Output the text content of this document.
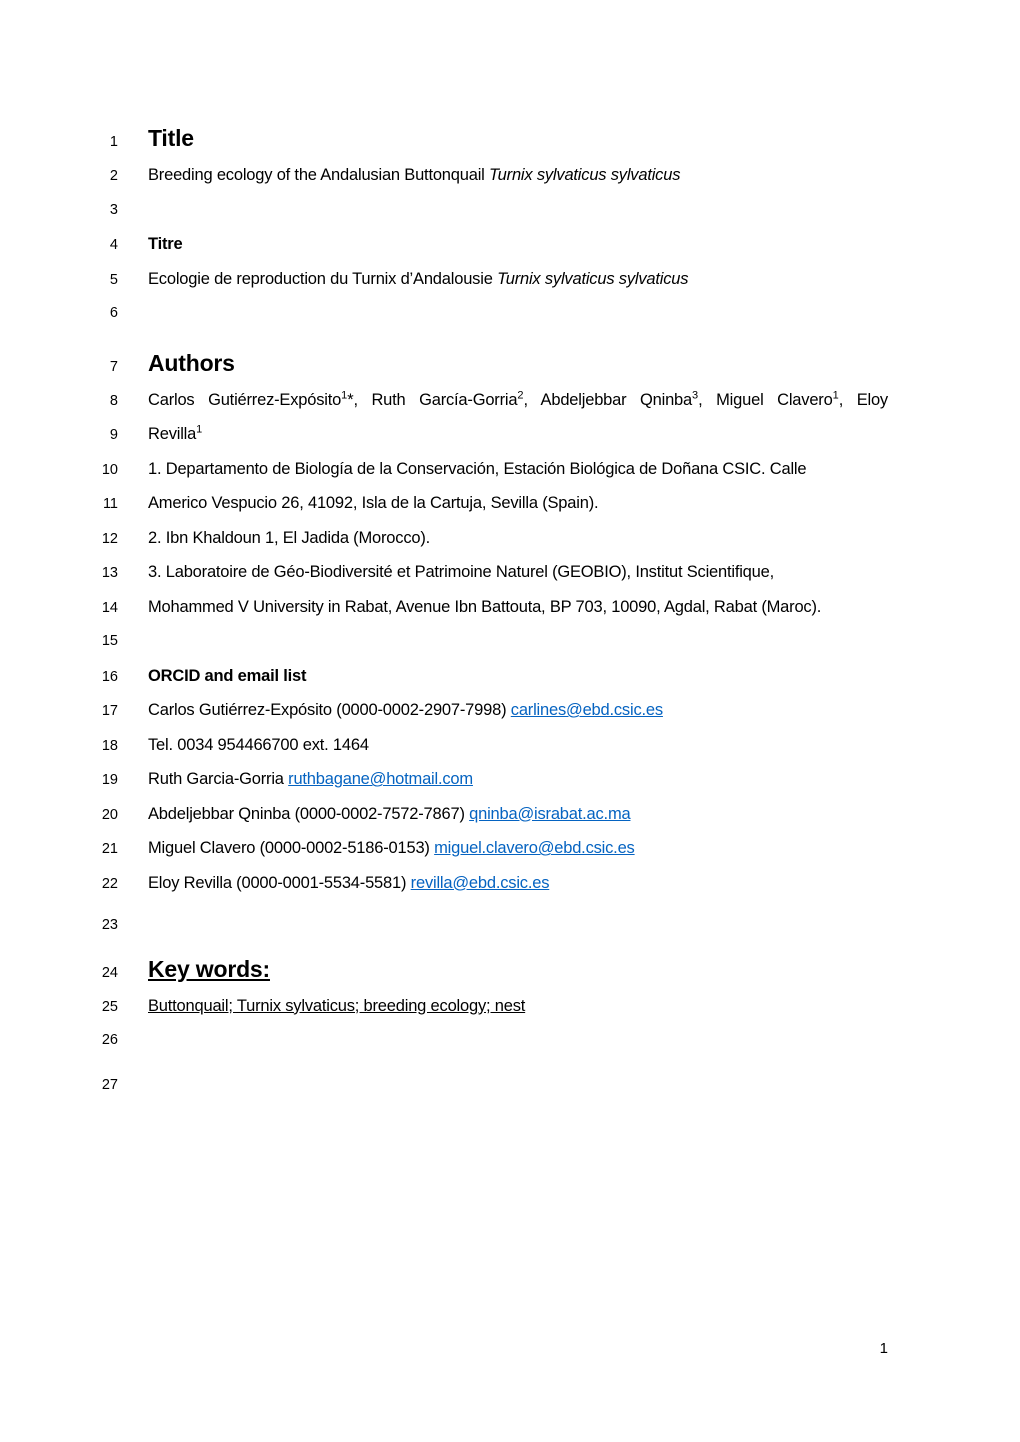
1 Title
2 Breeding ecology of the Andalusian Buttonquail Turnix sylvaticus sylvaticus
3
4 Titre
5 Ecologie de reproduction du Turnix d’Andalousie Turnix sylvaticus sylvaticus
6
7 Authors
8 Carlos Gutiérrez-Expósito$^1$*, Ruth García-Gorria$^2$, Abdeljebbar Qninba$^3$, Miguel Clavero$^1$, Eloy
9 Revilla$^1$
10 1. Departamento de Biología de la Conservación, Estación Biológica de Doñana CSIC. Calle
11 Americo Vespucio 26, 41092, Isla de la Cartuja, Sevilla (Spain).
12 2. Ibn Khaldoun 1, El Jadida (Morocco).
13 3. Laboratoire de Géo-Biodiversité et Patrimoine Naturel (GEOBIO), Institut Scientifique,
14 Mohammed V University in Rabat, Avenue Ibn Battouta, BP 703, 10090, Agdal, Rabat (Maroc).
15
16 ORCID and email list
17 Carlos Gutiérrez-Expósito (0000-0002-2907-7998) carlines@ebd.csic.es
18 Tel. 0034 954466700 ext. 1464
19 Ruth Garcia-Gorria ruthbagane@hotmail.com
20 Abdeljebbar Qninba (0000-0002-7572-7867) qninba@israbat.ac.ma
21 Miguel Clavero (0000-0002-5186-0153) miguel.clavero@ebd.csic.es
22 Eloy Revilla (0000-0001-5534-5581) revilla@ebd.csic.es
23
24 Key words:
25 Buttonquail; Turnix sylvaticus; breeding ecology; nest
26
27
1
